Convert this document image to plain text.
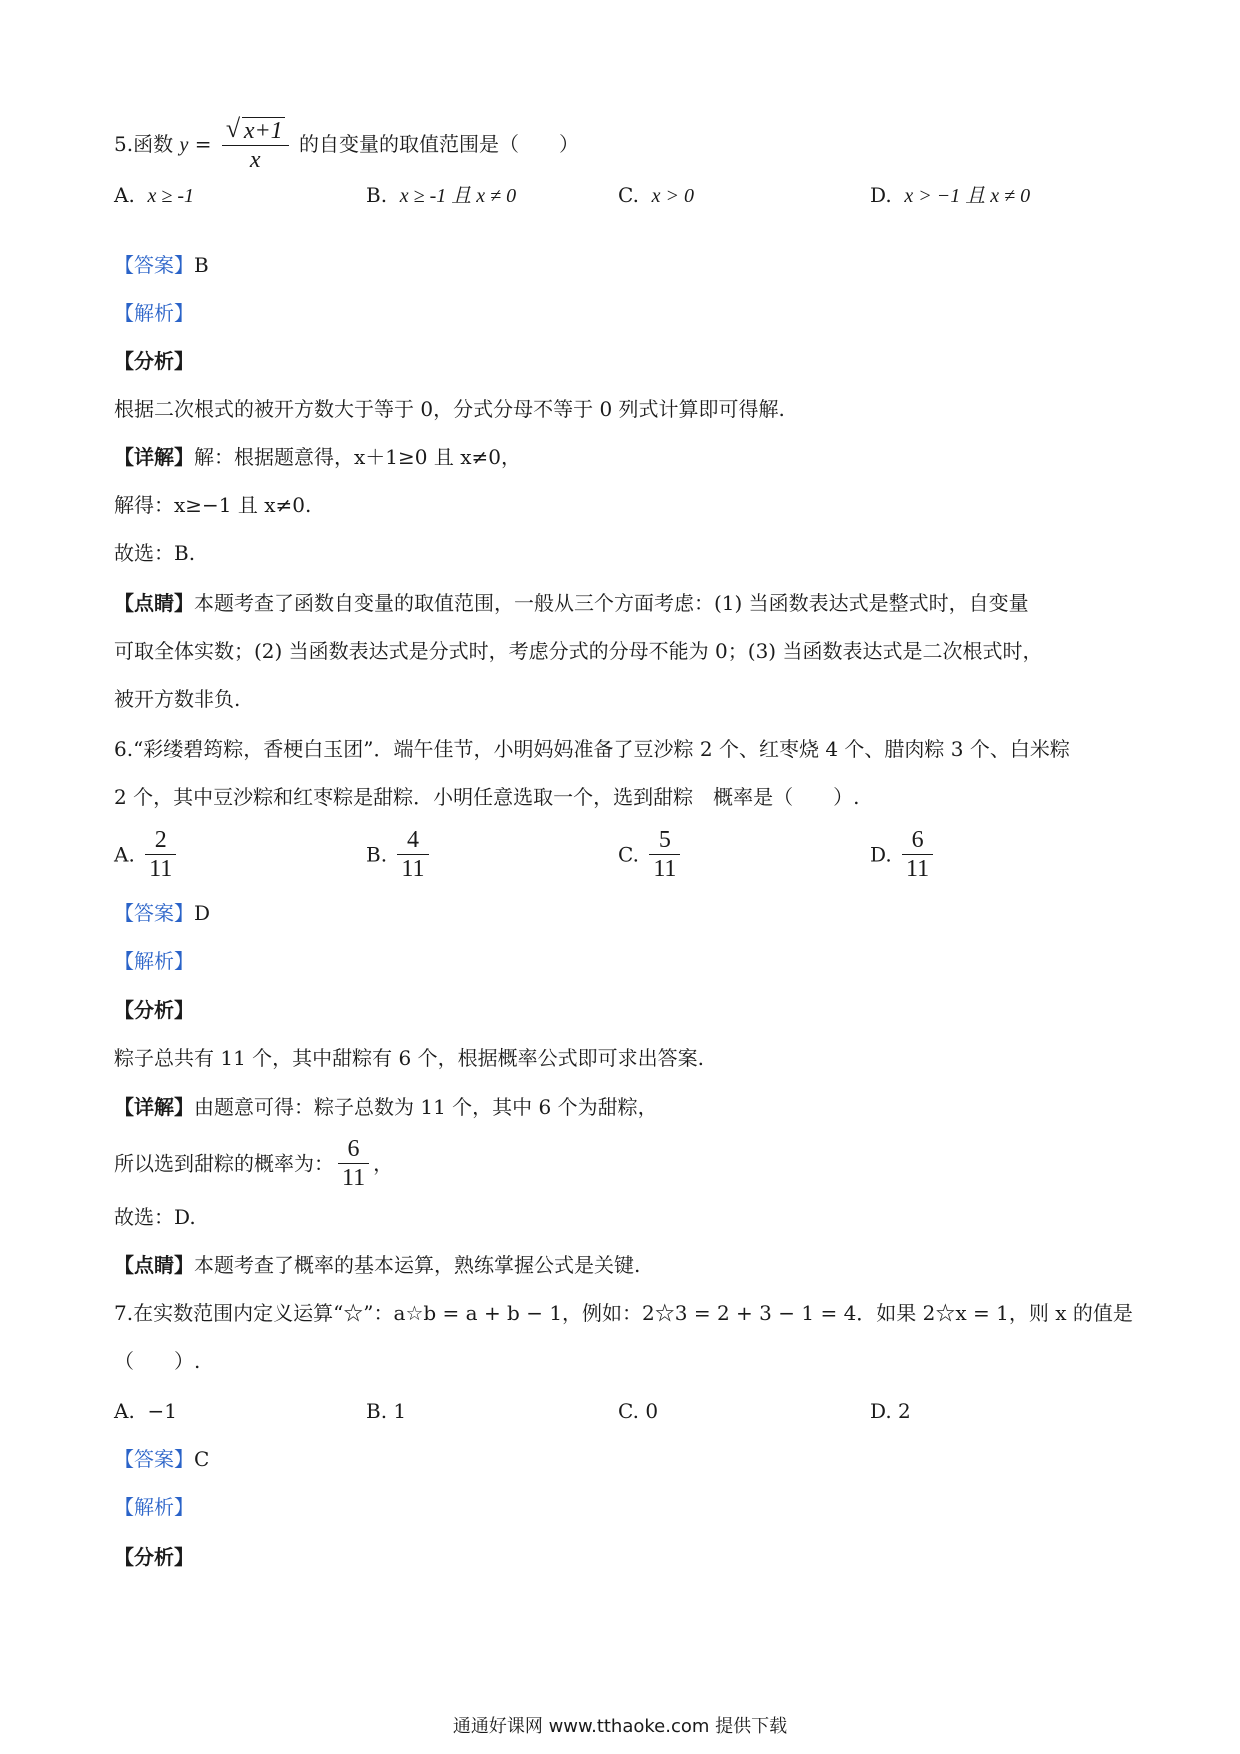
5.函数 $y = \frac{√ x+1}{x}$ 的自变量的取值范围是（　　）
A. x ≥ -1	B. x ≥ -1 且 x ≠ 0	C. x > 0	D. x > −1 且 x ≠ 0
【答案】B
【解析】
【分析】
根据二次根式的被开方数大于等于 0，分式分母不等于 0 列式计算即可得解.
【详解】解：根据题意得，x＋1≥0 且 x≠0，
解得：x≥−1 且 x≠0.
故选：B.
【点睛】本题考查了函数自变量的取值范围，一般从三个方面考虑：(1) 当函数表达式是整式时，自变量
可取全体实数；(2) 当函数表达式是分式时，考虑分式的分母不能为 0；(3) 当函数表达式是二次根式时，
被开方数非负.
6.“彩缕碧筠粽，香梗白玉团”．端午佳节，小明妈妈准备了豆沙粽 2 个、红枣烧 4 个、腊肉粽 3 个、白米粽
2 个，其中豆沙粽和红枣粽是甜粽．小明任意选取一个，选到甜粽　概率是（　　）.
A. $\frac{2}{11}$	B. $\frac{4}{11}$	C. $\frac{5}{11}$	D. $\frac{6}{11}$
【答案】D
【解析】
【分析】
粽子总共有 11 个，其中甜粽有 6 个，根据概率公式即可求出答案.
【详解】由题意可得：粽子总数为 11 个，其中 6 个为甜粽，
所以选到甜粽的概率为： $\frac{6}{11}$ ，
故选：D.
【点睛】本题考查了概率的基本运算，熟练掌握公式是关键.
7.在实数范围内定义运算“☆”：a☆b = a + b − 1，例如：2☆3 = 2 + 3 − 1 = 4．如果 2☆x = 1，则 x 的值是
（　　）.
A. −1	B. 1	C. 0	D. 2
【答案】C
【解析】
【分析】
通通好课网 www.tthaoke.com 提供下载
